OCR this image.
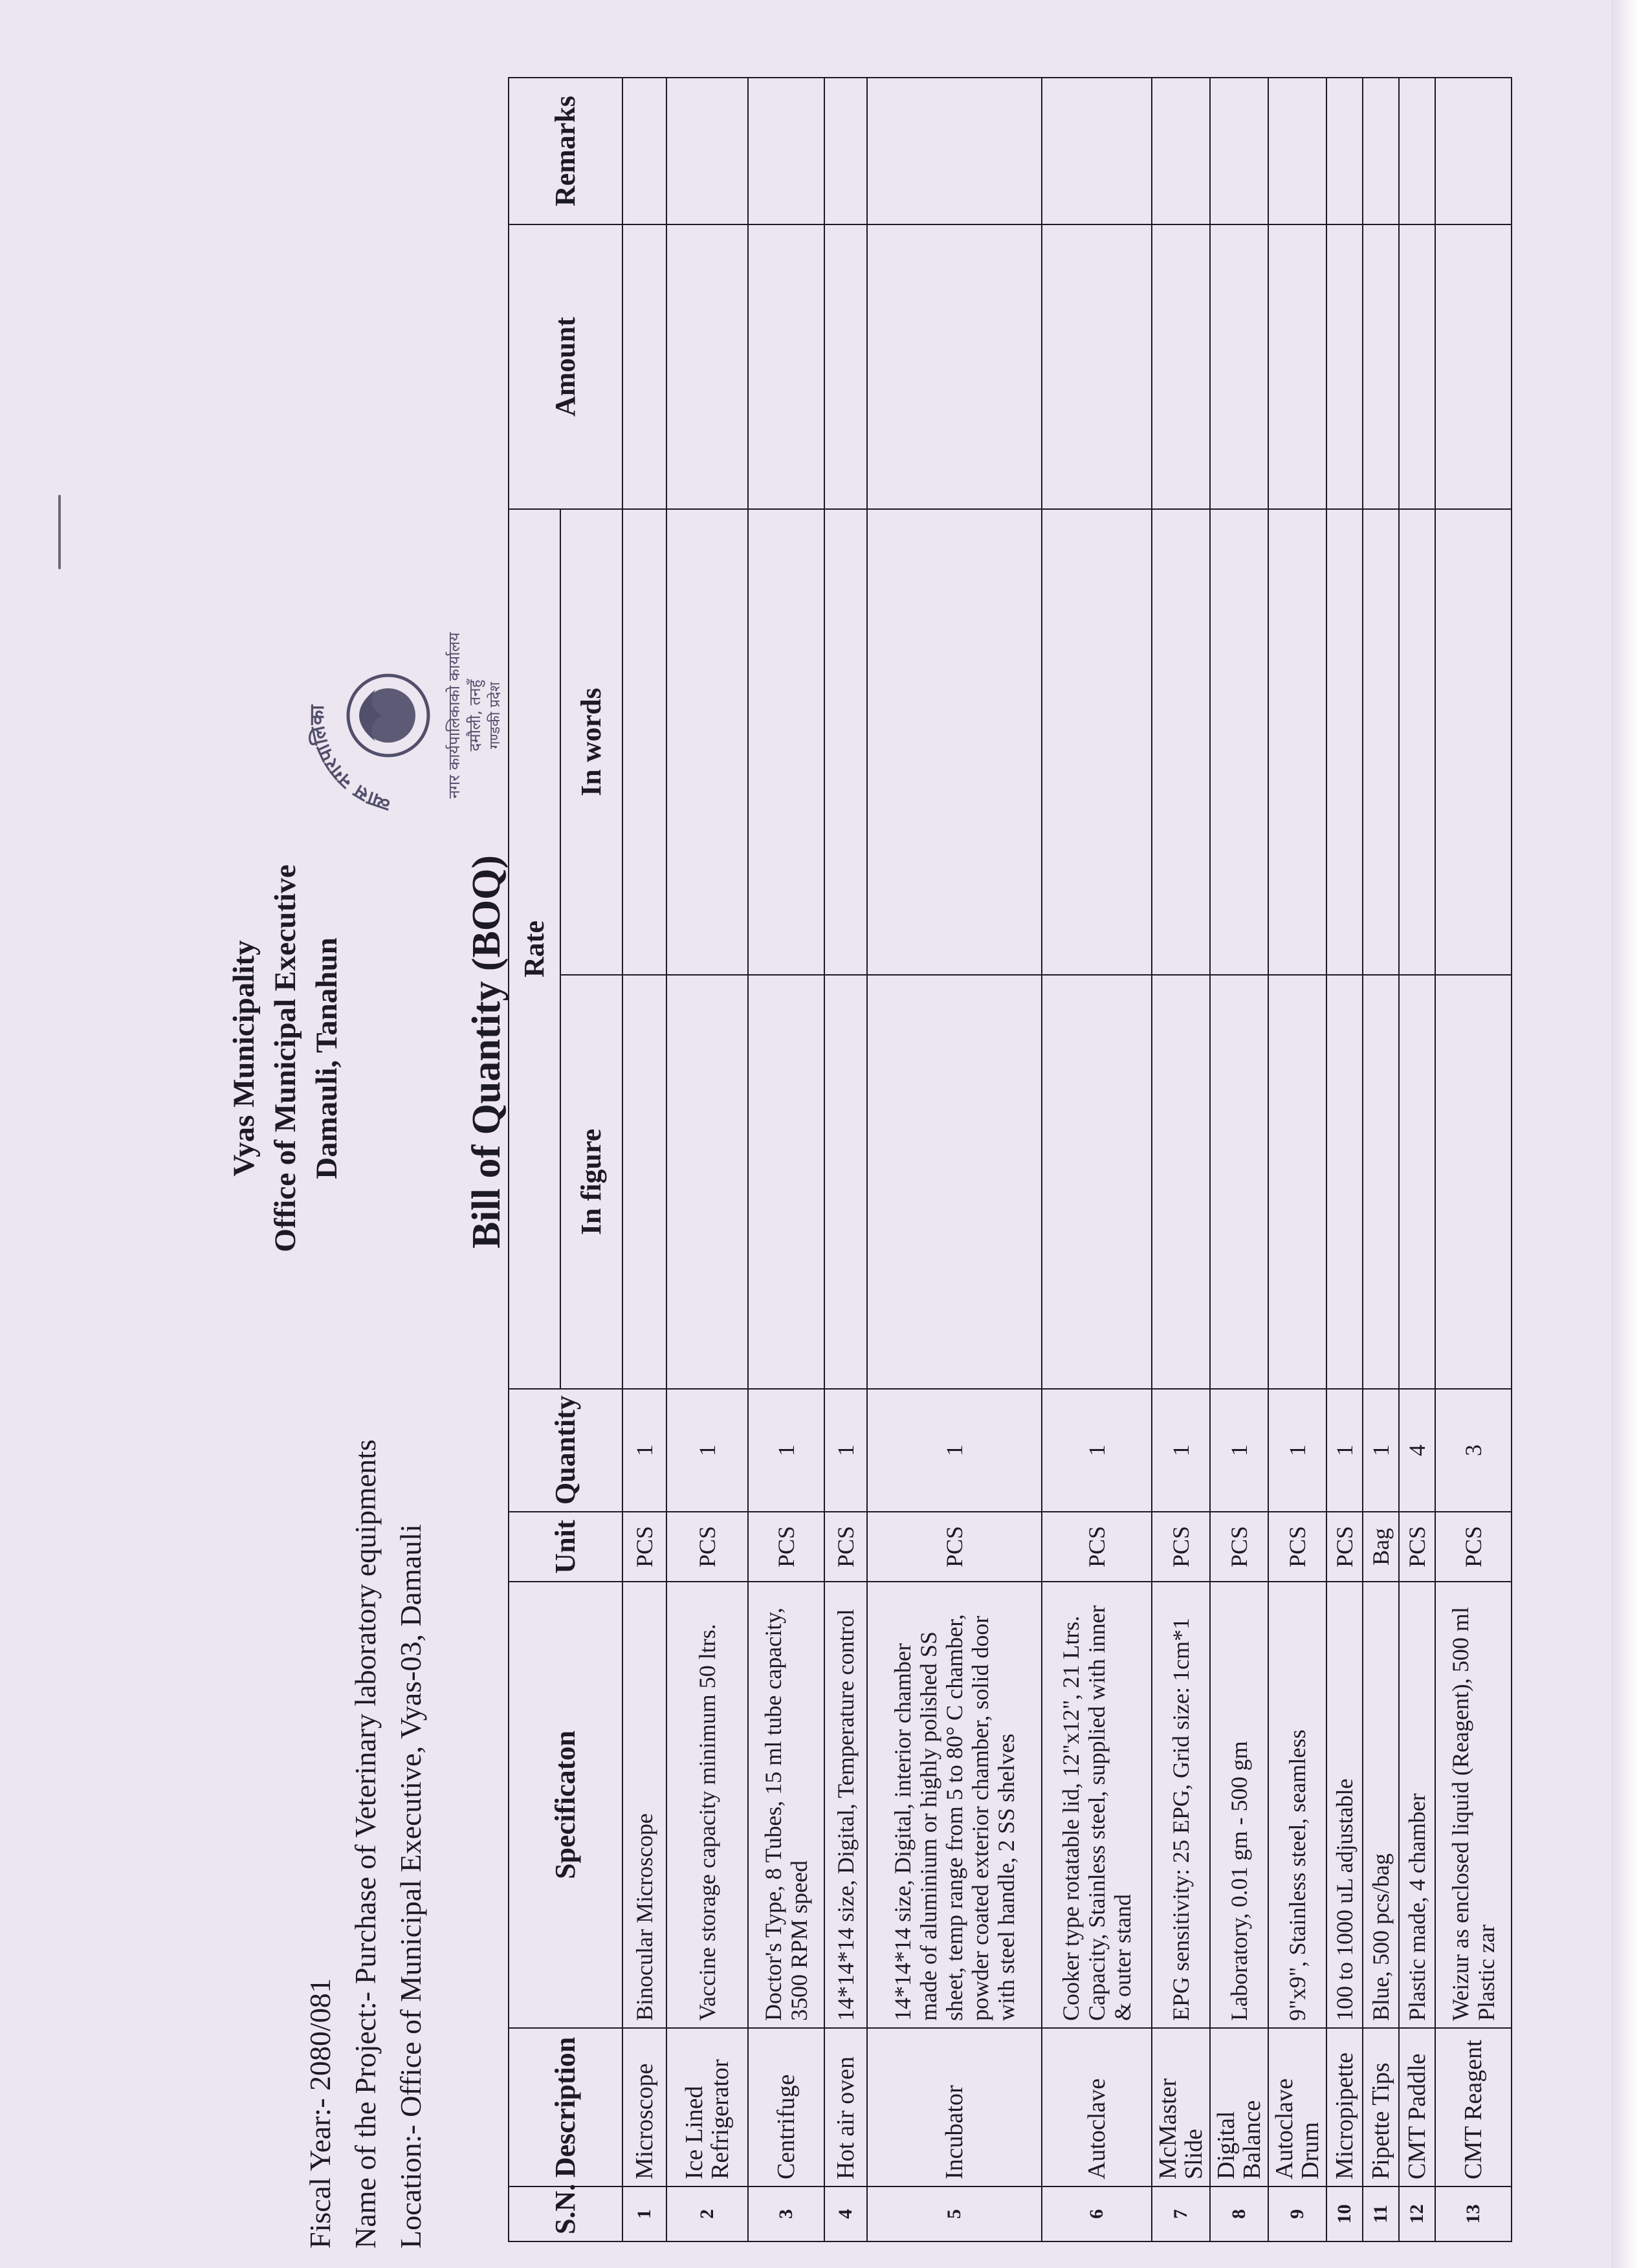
Vyas Municipality Office of Municipal Executive Damauli, Tanahun
Fiscal Year:- 2080/081 Name of the Project:- Purchase of Veterinary laboratory equipments Location:- Office of Municipal Executive, Vyas-03, Damauli
Bill of Quantity (BOQ)
व्यास नगरपालिका	नगर कार्यपालिकाको कार्यालय दमौली, तनहुँ गण्डकी प्रदेश
S.N.	Description	Specificaton	Unit	Quantity	Rate		Amount	Remarks
					In figure	In words		
1	Microscope	Binocular Microscope	PCS	1				
2	Ice Lined Refrigerator	Vaccine storage capacity minimum 50 ltrs.	PCS	1				
3	Centrifuge	Doctor's Type, 8 Tubes, 15 ml tube capacity, 3500 RPM speed	PCS	1				
4	Hot air oven	14*14*14 size, Digital, Temperature control	PCS	1				
5	Incubator	14*14*14 size, Digital, interior chamber made of aluminium or highly polished SS sheet, temp range from 5 to 80° C chamber, powder coated exterior chamber, solid door with steel handle, 2 SS shelves	PCS	1				
6	Autoclave	Cooker type rotatable lid, 12"x12", 21 Ltrs. Capacity, Stainless steel, supplied with inner & outer stand	PCS	1				
7	McMaster Slide	EPG sensitivity: 25 EPG, Grid size: 1cm*1	PCS	1				
8	Digital Balance	Laboratory, 0.01 gm - 500 gm	PCS	1				
9	Autoclave Drum	9"x9", Stainless steel, seamless	PCS	1				
10	Micropipette	100 to 1000 uL adjustable	PCS	1				
11	Pipette Tips	Blue, 500 pcs/bag	Bag	1				
12	CMT Paddle	Plastic made, 4 chamber	PCS	4				
13	CMT Reagent	Weizur as enclosed liquid (Reagent), 500 ml Plastic zar	PCS	3				
